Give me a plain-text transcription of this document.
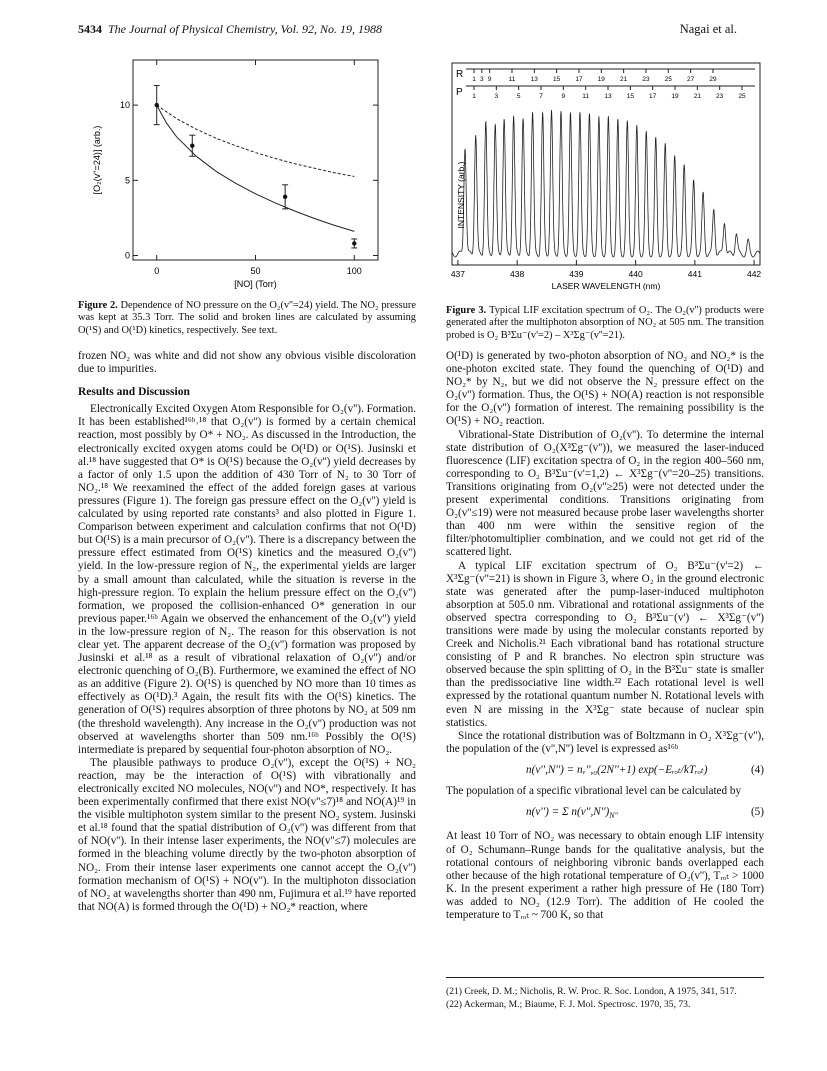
5434 The Journal of Physical Chemistry, Vol. 92, No. 19, 1988	Nagai et al.
0	50	100
0
5
10
[NO] (Torr)
[O₂(v''=24)] (arb.)
Figure 2. Dependence of NO pressure on the O₂(v''=24) yield. The NO₂ pressure was kept at 35.3 Torr. The solid and broken lines are calculated by assuming O(¹S) and O(¹D) kinetics, respectively. See text.
R
P
1 3 9	11 13 15 17 19 21 23 25 27 29
1	3	5	7	9	11 13 15 17 19 21 23 25
INTENSITY (arb.)
437	438	439	440	441	442
LASER WAVELENGTH (nm)
Figure 3. Typical LIF excitation spectrum of O₂. The O₂(v'') products were generated after the multiphoton absorption of NO₂ at 505 nm. The transition probed is O₂ B³Σu⁻(v'=2) – X³Σg⁻(v''=21).

frozen NO₂ was white and did not show any obvious visible discoloration due to impurities.

Results and Discussion

Electronically Excited Oxygen Atom Responsible for O₂(v''). Formation. It has been established¹⁶ᵇ˒¹⁸ that O₂(v'') is formed by a certain chemical reaction, most possibly by O* + NO₂. As discussed in the Introduction, the electronically excited oxygen atoms could be O(¹D) or O(¹S). Jusinski et al.¹⁸ have suggested that O* is O(¹S) because the O₂(v'') yield decreases by a factor of only 1.5 upon the addition of 430 Torr of N₂ to 30 Torr of NO₂.¹⁸ We reexamined the effect of the added foreign gases at various pressures (Figure 1). The foreign gas pressure effect on the O₂(v'') yield is calculated by using reported rate constants³ and also plotted in Figure 1. Comparison between experiment and calculation confirms that not O(¹D) but O(¹S) is a main precursor of O₂(v''). There is a discrepancy between the pressure effect estimated from O(¹S) kinetics and the measured O₂(v'') yield. In the low-pressure region of N₂, the experimental yields are larger by a small amount than calculated, while the situation is reverse in the high-pressure region. To explain the helium pressure effect on the O₂(v'') formation, we proposed the collision-enhanced O* generation in our previous paper.¹⁶ᵇ Again we observed the enhancement of the O₂(v'') yield in the low-pressure region of N₂. The reason for this observation is not clear yet. The apparent decrease of the O₂(v'') formation was proposed by Jusinski et al.¹⁸ as a result of vibrational relaxation of O₂(v'') and/or electronic quenching of O₂(B). Furthermore, we examined the effect of NO as an additive (Figure 2). O(¹S) is quenched by NO more than 10 times as effectively as O(¹D).³ Again, the result fits with the O(¹S) kinetics. The generation of O(¹S) requires absorption of three photons by NO₂ at 509 nm (the threshold wavelength). Any increase in the O₂(v'') production was not observed at wavelengths shorter than 509 nm.¹⁶ᵇ Possibly the O(¹S) intermediate is prepared by sequential four-photon absorption of NO₂.

The plausible pathways to produce O₂(v''), except the O(¹S) + NO₂ reaction, may be the interaction of O(¹S) with vibrationally and electronically excited NO molecules, NO(v'') and NO*, respectively. It has been experimentally confirmed that there exist NO(v''≤7)¹⁸ and NO(A)¹⁹ in the visible multiphoton system similar to the present NO₂ system. Jusinski et al.¹⁸ found that the spatial distribution of O₂(v'') was different from that of NO(v''). In their intense laser experiments, the NO(v''≤7) molecules are formed in the bleaching volume directly by the two-photon absorption of NO₂. From their intense laser experiments one cannot accept the O₂(v'') formation mechanism of O(¹S) + NO(v''). In the multiphoton dissociation of NO₂ at wavelengths shorter than 490 nm, Fujimura et al.¹⁹ have reported that NO(A) is formed through the O(¹D) + NO₂* reaction, where

O(¹D) is generated by two-photon absorption of NO₂ and NO₂* is the one-photon excited state. They found the quenching of O(¹D) and NO₂* by N₂, but we did not observe the N₂ pressure effect on the O₂(v'') formation. Thus, the O(¹S) + NO(A) reaction is not responsible for the O₂(v'') formation of interest. The remaining possibility is the O(¹S) + NO₂ reaction.

Vibrational-State Distribution of O₂(v''). To determine the internal state distribution of O₂(X³Σg⁻(v'')), we measured the laser-induced fluorescence (LIF) excitation spectra of O₂ in the region 400–560 nm, corresponding to O₂ B³Σu⁻(v'=1,2) ← X³Σg⁻(v''=20–25) transitions. Transitions originating from O₂(v''≥25) were not detected under the present experimental conditions. Transitions originating from O₂(v''≤19) were not measured because probe laser wavelengths shorter than 400 nm were within the sensitive region of the filter/photomultiplier combination, and we could not get rid of the scattered light.

A typical LIF excitation spectrum of O₂ B³Σu⁻(v'=2) ← X³Σg⁻(v''=21) is shown in Figure 3, where O₂ in the ground electronic state was generated after the pump-laser-induced multiphoton absorption at 505.0 nm. Vibrational and rotational assignments of the observed spectra corresponding to O₂ B³Σu⁻(v') ← X³Σg⁻(v'') transitions were made by using the molecular constants reported by Creek and Nicholis.²¹ Each vibrational band has rotational structure consisting of P and R branches. No electron spin structure was observed because the spin splitting of O₂ in the B³Σu⁻ state is smaller than the predissociative line width.²² Each rotational level is well expressed by the rotational quantum number N. Rotational levels with even N are missing in the X³Σg⁻ state because of nuclear spin statistics.

Since the rotational distribution was of Boltzmann in O₂ X³Σg⁻(v''), the population of the (v'',N'') level is expressed as¹⁶ᵇ

n(v'',N'') = nᵥ'',₀(2N''+1) exp(−Eᵣₒₜ/kTᵣₒₜ)	(4)

The population of a specific vibrational level can be calculated by

n(v'') = Σ $n(v'',N'')_{N''}$	(5)

At least 10 Torr of NO₂ was necessary to obtain enough LIF intensity of O₂ Schumann–Runge bands for the qualitative analysis, but the rotational contours of neighboring vibronic bands overlapped each other because of the high rotational temperature of O₂(v''), Tᵣₒₜ > 1000 K. In the present experiment a rather high pressure of He (180 Torr) was added to NO₂ (12.9 Torr). The addition of He cooled the temperature to Tᵣₒₜ ~ 700 K, so that

(21) Creek, D. M.; Nicholis, R. W. Proc. R. Soc. London, A 1975, 341, 517.
(22) Ackerman, M.; Biaume, F. J. Mol. Spectrosc. 1970, 35, 73.
